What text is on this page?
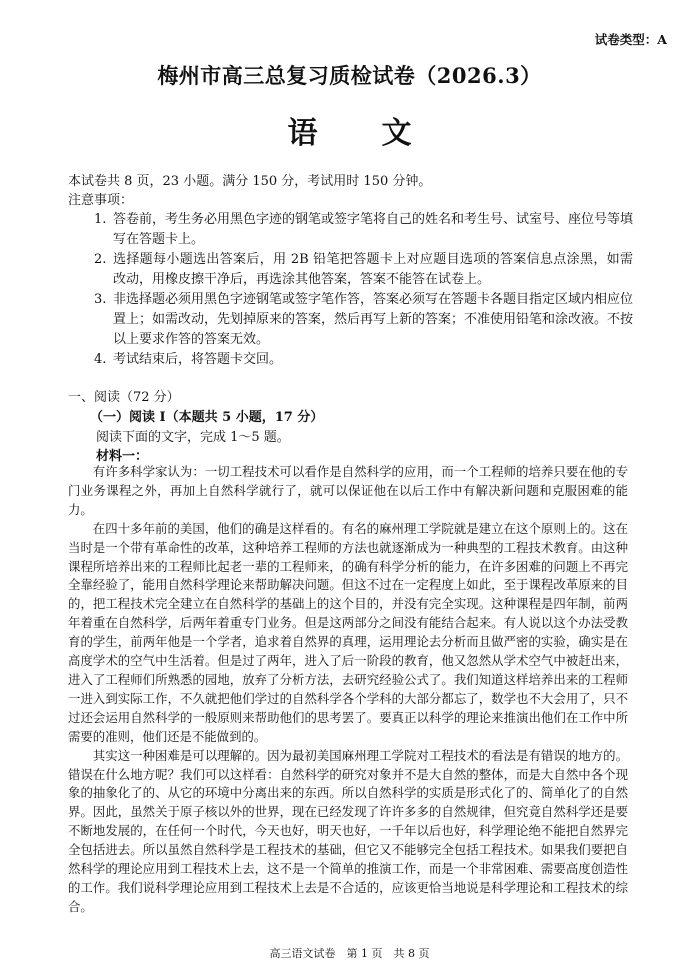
试卷类型：A
梅州市高三总复习质检试卷（2026.3）
语文
本试卷共 8 页，23 小题。满分 150 分，考试用时 150 分钟。
注意事项：
1. 答卷前，考生务必用黑色字迹的钢笔或签字笔将自己的姓名和考生号、试室号、座位号等填写在答题卡上。
2. 选择题每小题选出答案后，用 2B 铅笔把答题卡上对应题目选项的答案信息点涂黑，如需改动，用橡皮擦干净后，再选涂其他答案，答案不能答在试卷上。
3. 非选择题必须用黑色字迹钢笔或签字笔作答，答案必须写在答题卡各题目指定区域内相应位置上；如需改动，先划掉原来的答案，然后再写上新的答案；不准使用铅笔和涂改液。不按以上要求作答的答案无效。
4. 考试结束后，将答题卡交回。
一、阅读（72 分）
（一）阅读 I（本题共 5 小题，17 分）
阅读下面的文字，完成 1～5 题。
材料一：

有许多科学家认为：一切工程技术可以看作是自然科学的应用，而一个工程师的培养只要在他的专门业务课程之外，再加上自然科学就行了，就可以保证他在以后工作中有解决新问题和克服困难的能力。

在四十多年前的美国，他们的确是这样看的。有名的麻州理工学院就是建立在这个原则上的。这在当时是一个带有革命性的改革，这种培养工程师的方法也就逐渐成为一种典型的工程技术教育。由这种课程所培养出来的工程师比起老一辈的工程师来，的确有科学分析的能力，在许多困难的问题上不再完全靠经验了，能用自然科学理论来帮助解决问题。但这不过在一定程度上如此，至于课程改革原来的目的，把工程技术完全建立在自然科学的基础上的这个目的，并没有完全实现。这种课程是四年制，前两年着重在自然科学，后两年着重专门业务。但是这两部分之间没有能结合起来。有人说以这个办法受教育的学生，前两年他是一个学者，追求着自然界的真理，运用理论去分析而且做严密的实验，确实是在高度学术的空气中生活着。但是过了两年，进入了后一阶段的教育，他又忽然从学术空气中被赶出来，进入了工程师们所熟悉的园地，放弃了分析方法，去研究经验公式了。我们知道这样培养出来的工程师一进入到实际工作，不久就把他们学过的自然科学各个学科的大部分都忘了，数学也不大会用了，只不过还会运用自然科学的一般原则来帮助他们的思考罢了。要真正以科学的理论来推演出他们在工作中所需要的准则，他们还是不能做到的。

其实这一种困难是可以理解的。因为最初美国麻州理工学院对工程技术的看法是有错误的地方的。错误在什么地方呢？我们可以这样看：自然科学的研究对象并不是大自然的整体，而是大自然中各个现象的抽象化了的、从它的环境中分离出来的东西。所以自然科学的实质是形式化了的、简单化了的自然界。因此，虽然关于原子核以外的世界，现在已经发现了许许多多的自然规律，但究竟自然科学还是要不断地发展的，在任何一个时代，今天也好，明天也好，一千年以后也好，科学理论绝不能把自然界完全包括进去。所以虽然自然科学是工程技术的基础，但它又不能够完全包括工程技术。如果我们要把自然科学的理论应用到工程技术上去，这不是一个简单的推演工作，而是一个非常困难、需要高度创造性的工作。我们说科学理论应用到工程技术上去是不合适的，应该更恰当地说是科学理论和工程技术的综合。

高三语文试卷　第 1 页　共 8 页
